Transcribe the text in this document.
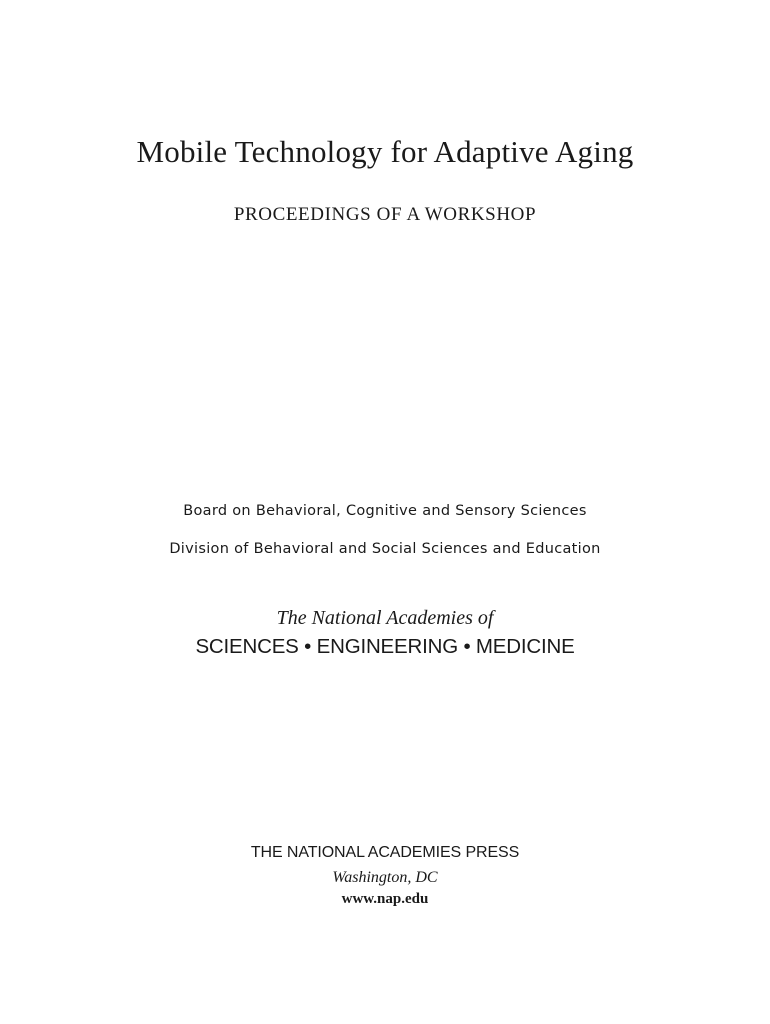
Mobile Technology for Adaptive Aging
PROCEEDINGS OF A WORKSHOP
Board on Behavioral, Cognitive and Sensory Sciences
Division of Behavioral and Social Sciences and Education
The National Academies of
SCIENCES • ENGINEERING • MEDICINE
THE NATIONAL ACADEMIES PRESS
Washington, DC
www.nap.edu
